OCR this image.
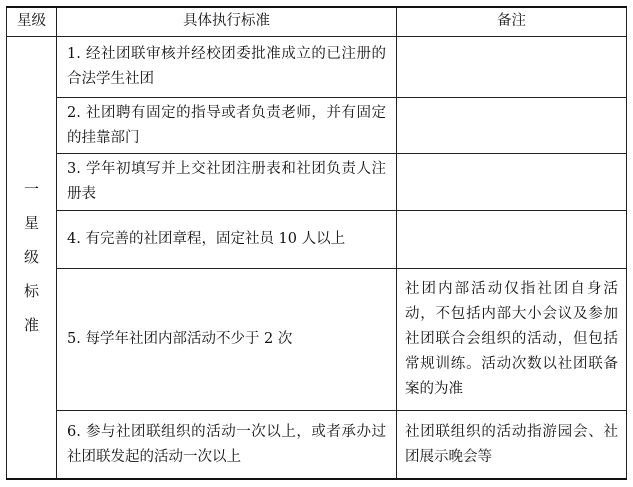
星级	具体执行标准	备注
一星级标准	1. 经社团联审核并经校团委批准成立的已注册的合法学生社团	
	2. 社团聘有固定的指导或者负责老师，并有固定的挂靠部门	
	3. 学年初填写并上交社团注册表和社团负责人注册表	
	4. 有完善的社团章程，固定社员 10 人以上	
	5. 每学年社团内部活动不少于 2 次	社团内部活动仅指社团自身活动，不包括内部大小会议及参加社团联合会组织的活动，但包括常规训练。活动次数以社团联备案的为准
	6. 参与社团联组织的活动一次以上，或者承办过社团联发起的活动一次以上	社团联组织的活动指游园会、社团展示晚会等
